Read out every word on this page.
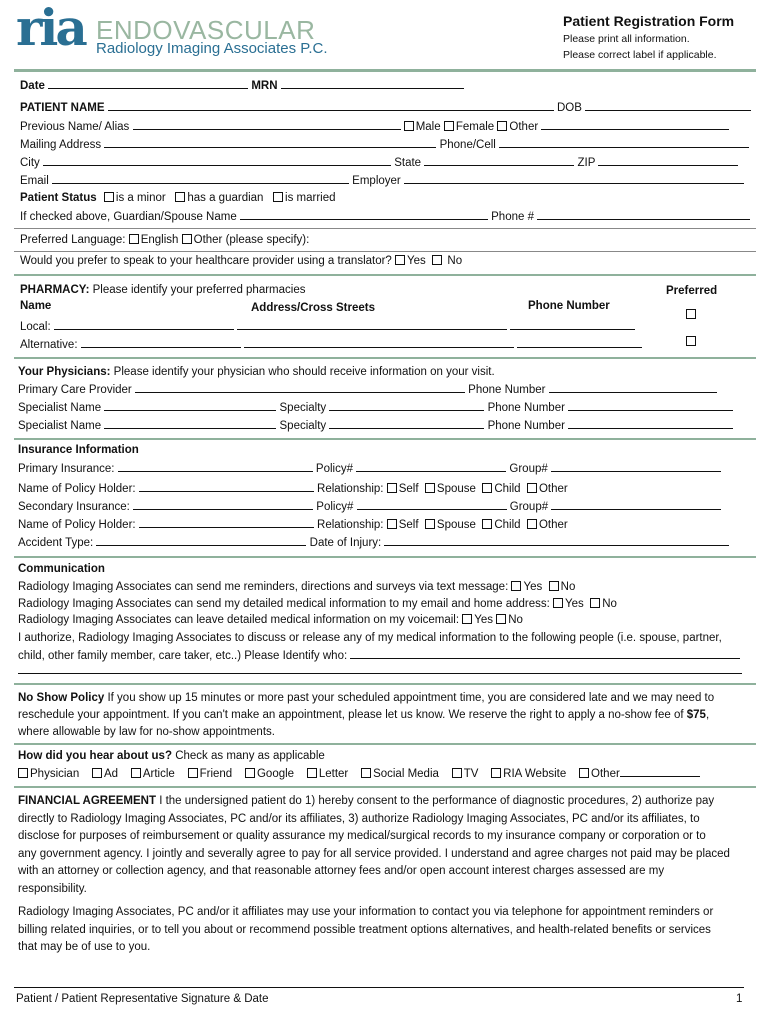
ria ENDOVASCULAR
Radiology Imaging Associates P.C.
Patient Registration Form
Please print all information.
Please correct label if applicable.
Date	MRN
PATIENT NAME	DOB
Previous Name/ Alias	Male Female Other
Mailing Address	Phone/Cell
City	State	ZIP
Email	Employer
Patient Status is a minor has a guardian is married
If checked above, Guardian/Spouse Name	Phone #
Preferred Language: English Other (please specify):
Would you prefer to speak to your healthcare provider using a translator? Yes No
PHARMACY: Please identify your preferred pharmacies	Preferred
Name	Address/Cross Streets	Phone Number
Local:
Alternative:
Your Physicians: Please identify your physician who should receive information on your visit.
Primary Care Provider	Phone Number
Specialist Name	Specialty	Phone Number
Specialist Name	Specialty	Phone Number
Insurance Information
Primary Insurance:	Policy#	Group#
Name of Policy Holder:	Relationship: Self Spouse Child Other
Secondary Insurance:	Policy#	Group#
Name of Policy Holder:	Relationship: Self Spouse Child Other
Accident Type:	Date of Injury:
Communication
Radiology Imaging Associates can send me reminders, directions and surveys via text message: Yes No
Radiology Imaging Associates can send my detailed medical information to my email and home address: Yes No
Radiology Imaging Associates can leave detailed medical information on my voicemail: Yes No
I authorize, Radiology Imaging Associates to discuss or release any of my medical information to the following people (i.e. spouse, partner,
child, other family member, care taker, etc..) Please Identify who:
No Show Policy If you show up 15 minutes or more past your scheduled appointment time, you are considered late and we may need to
reschedule your appointment. If you can't make an appointment, please let us know. We reserve the right to apply a no-show fee of $75,
where allowable by law for no-show appointments.
How did you hear about us? Check as many as applicable
Physician Ad Article Friend Google Letter Social Media TV RIA Website Other
FINANCIAL AGREEMENT I the undersigned patient do 1) hereby consent to the performance of diagnostic procedures, 2) authorize pay
directly to Radiology Imaging Associates, PC and/or its affiliates, 3) authorize Radiology Imaging Associates, PC and/or its affiliates, to
disclose for purposes of reimbursement or quality assurance my medical/surgical records to my insurance company or corporation or to
any government agency. I jointly and severally agree to pay for all service provided. I understand and agree charges not paid may be placed
with an attorney or collection agency, and that reasonable attorney fees and/or open account interest charges assessed are my
responsibility.
Radiology Imaging Associates, PC and/or it affiliates may use your information to contact you via telephone for appointment reminders or
billing related inquiries, or to tell you about or recommend possible treatment options alternatives, and health-related benefits or services
that may be of use to you.
Patient / Patient Representative Signature & Date	1
